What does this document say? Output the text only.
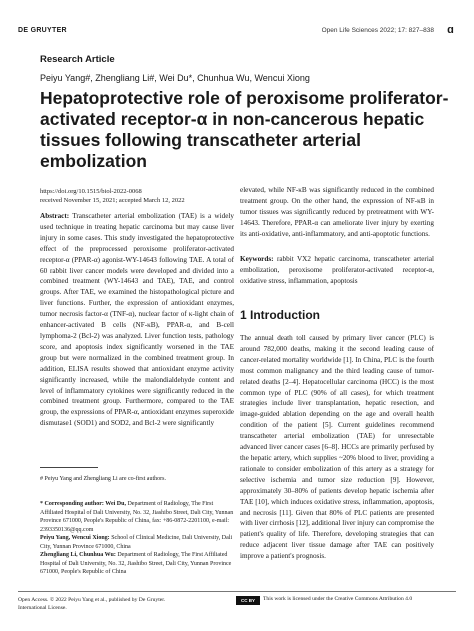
DE GRUYTER	Open Life Sciences 2022; 17: 827–838 ɑ
Research Article
Peiyu Yang#, Zhengliang Li#, Wei Du*, Chunhua Wu, Wencui Xiong
Hepatoprotective role of peroxisome proliferator-activated receptor-α in non-cancerous hepatic tissues following transcatheter arterial embolization
https://doi.org/10.1515/biol-2022-0068
received November 15, 2021; accepted March 12, 2022
Abstract: Transcatheter arterial embolization (TAE) is a widely used technique in treating hepatic carcinoma but may cause liver injury in some cases. This study investigated the hepatoprotective effect of the preprocessed peroxisome proliferator-activated receptor-α (PPAR-α) agonist-WY-14643 following TAE. A total of 60 rabbit liver cancer models were developed and divided into a combined treatment (WY-14643 and TAE), TAE, and control groups. After TAE, we examined the histopathological picture and liver functions. Further, the expression of antioxidant enzymes, tumor necrosis factor-α (TNF-α), nuclear factor of κ-light chain of enhancer-activated B cells (NF-κB), PPAR-α, and B-cell lymphoma-2 (Bcl-2) was analyzed. Liver function tests, pathology score, and apoptosis index significantly worsened in the TAE group but were normalized in the combined treatment group. In addition, ELISA results showed that antioxidant enzyme activity significantly increased, while the malondialdehyde content and level of inflammatory cytokines were significantly reduced in the combined treatment group. Furthermore, compared to the TAE group, the expressions of PPAR-α, antioxidant enzymes superoxide dismutase1 (SOD1) and SOD2, and Bcl-2 were significantly
elevated, while NF-κB was significantly reduced in the combined treatment group. On the other hand, the expression of NF-κB in tumor tissues was significantly reduced by pretreatment with WY-14643. Therefore, PPAR-α can ameliorate liver injury by exerting its anti-oxidative, anti-inflammatory, and anti-apoptotic functions.
Keywords: rabbit VX2 hepatic carcinoma, transcatheter arterial embolization, peroxisome proliferator-activated receptor-α, oxidative stress, inflammation, apoptosis
1 Introduction
The annual death toll caused by primary liver cancer (PLC) is around 782,000 deaths, making it the second leading cause of cancer-related mortality worldwide [1]. In China, PLC is the fourth most common malignancy and the third leading cause of tumor-related deaths [2–4]. Hepatocellular carcinoma (HCC) is the most common type of PLC (90% of all cases), for which treatment strategies include liver transplantation, hepatic resection, and image-guided ablation depending on the age and overall health condition of the patient [5]. Current guidelines recommend transcatheter arterial embolization (TAE) for unresectable advanced liver cancer cases [6–8]. HCCs are primarily perfused by the hepatic artery, which supplies ~20% blood to liver, providing a rationale to consider embolization of this artery as a strategy for selective ischemia and tumor size reduction [9]. However, approximately 30–80% of patients develop hepatic ischemia after TAE [10], which induces oxidative stress, inflammation, apoptosis, and necrosis [11]. Given that 80% of PLC patients are presented with liver cirrhosis [12], additional liver injury can compromise the patient's quality of life. Therefore, developing strategies that can reduce adjacent liver tissue damage after TAE can positively improve a patient's prognosis.
# Peiyu Yang and Zhengliang Li are co-first authors.

* Corresponding author: Wei Du, Department of Radiology, The First Affiliated Hospital of Dali University, No. 32, Jiashibo Street, Dali City, Yunnan Province 671000, People's Republic of China, fax: +86-0872-2201100, e-mail: 2393350136@qq.com

Peiyu Yang, Wencui Xiong: School of Clinical Medicine, Dali University, Dali City, Yunnan Province 671000, China

Zhengliang Li, Chunhua Wu: Department of Radiology, The First Affiliated Hospital of Dali University, No. 32, Jiashibo Street, Dali City, Yunnan Province 671000, People's Republic of China

Open Access. © 2022 Peiyu Yang et al., published by De Gruyter.
International License.
CC BY	This work is licensed under the Creative Commons Attribution 4.0
